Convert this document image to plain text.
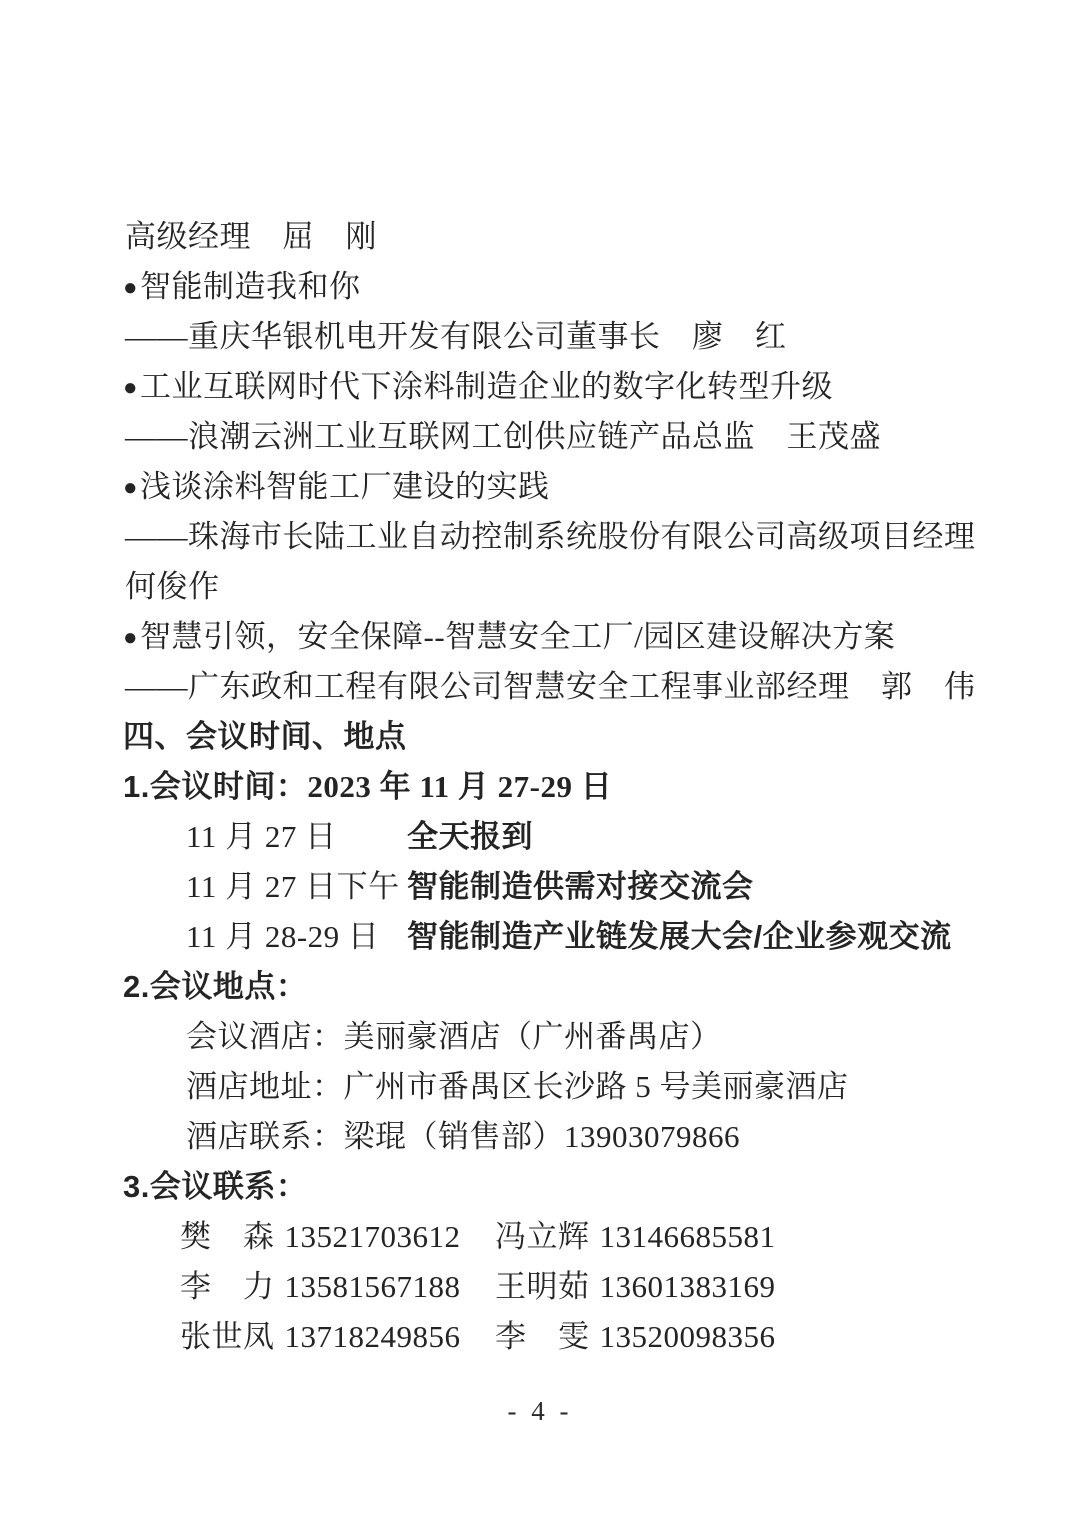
高级经理　屈　刚
●智能制造我和你
——重庆华银机电开发有限公司董事长　廖　红
●工业互联网时代下涂料制造企业的数字化转型升级
——浪潮云洲工业互联网工创供应链产品总监　王茂盛
●浅谈涂料智能工厂建设的实践
——珠海市长陆工业自动控制系统股份有限公司高级项目经理
何俊作
●智慧引领，安全保障--智慧安全工厂/园区建设解决方案
——广东政和工程有限公司智慧安全工程事业部经理　郭　伟
四、会议时间、地点
1.会议时间：2023 年 11 月 27-29 日
11 月 27 日	全天报到
11 月 27 日下午 智能制造供需对接交流会
11 月 28-29 日 智能制造产业链发展大会/企业参观交流
2.会议地点：
会议酒店：美丽豪酒店（广州番禺店）
酒店地址：广州市番禺区长沙路 5 号美丽豪酒店
酒店联系：梁琨（销售部）13903079866
3.会议联系：
樊　森 13521703612	冯立辉 13146685581
李　力 13581567188	王明茹 13601383169
张世凤 13718249856	李　雯 13520098356
- 4 -
